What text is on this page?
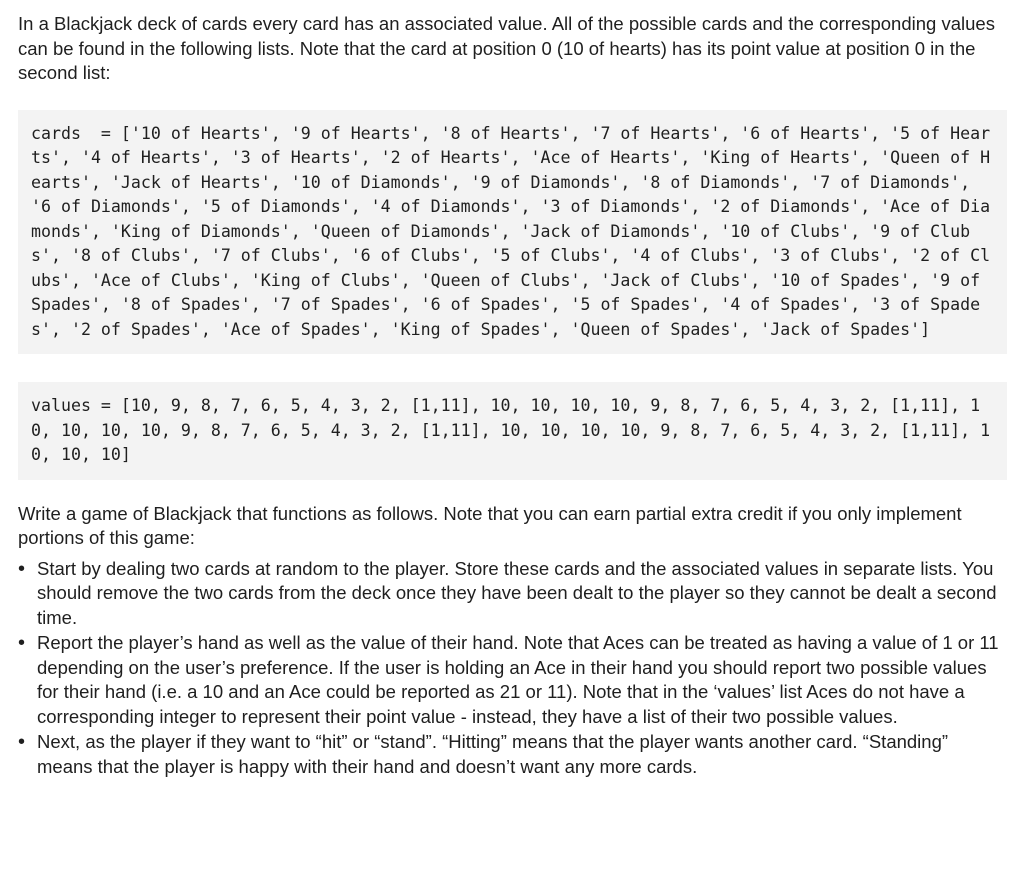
In a Blackjack deck of cards every card has an associated value. All of the possible cards and the corresponding values can be found in the following lists. Note that the card at position 0 (10 of hearts) has its point value at position 0 in the second list:

cards  = ['10 of Hearts', '9 of Hearts', '8 of Hearts', '7 of Hearts', '6 of Hearts', '5 of Hearts', '4 of Hearts', '3 of Hearts', '2 of Hearts', 'Ace of Hearts', 'King of Hearts', 'Queen of Hearts', 'Jack of Hearts', '10 of Diamonds', '9 of Diamonds', '8 of Diamonds', '7 of Diamonds', '6 of Diamonds', '5 of Diamonds', '4 of Diamonds', '3 of Diamonds', '2 of Diamonds', 'Ace of Diamonds', 'King of Diamonds', 'Queen of Diamonds', 'Jack of Diamonds', '10 of Clubs', '9 of Clubs', '8 of Clubs', '7 of Clubs', '6 of Clubs', '5 of Clubs', '4 of Clubs', '3 of Clubs', '2 of Clubs', 'Ace of Clubs', 'King of Clubs', 'Queen of Clubs', 'Jack of Clubs', '10 of Spades', '9 of Spades', '8 of Spades', '7 of Spades', '6 of Spades', '5 of Spades', '4 of Spades', '3 of Spades', '2 of Spades', 'Ace of Spades', 'King of Spades', 'Queen of Spades', 'Jack of Spades']
values = [10, 9, 8, 7, 6, 5, 4, 3, 2, [1,11], 10, 10, 10, 10, 9, 8, 7, 6, 5, 4, 3, 2, [1,11], 10, 10, 10, 10, 9, 8, 7, 6, 5, 4, 3, 2, [1,11], 10, 10, 10, 10, 9, 8, 7, 6, 5, 4, 3, 2, [1,11], 10, 10, 10]

Write a game of Blackjack that functions as follows. Note that you can earn partial extra credit if you only implement portions of this game:

• Start by dealing two cards at random to the player. Store these cards and the associated values in separate lists. You should remove the two cards from the deck once they have been dealt to the player so they cannot be dealt a second time.
• Report the player’s hand as well as the value of their hand. Note that Aces can be treated as having a value of 1 or 11 depending on the user’s preference. If the user is holding an Ace in their hand you should report two possible values for their hand (i.e. a 10 and an Ace could be reported as 21 or 11). Note that in the ‘values’ list Aces do not have a corresponding integer to represent their point value - instead, they have a list of their two possible values.
• Next, as the player if they want to “hit” or “stand”. “Hitting” means that the player wants another card. “Standing” means that the player is happy with their hand and doesn’t want any more cards.
